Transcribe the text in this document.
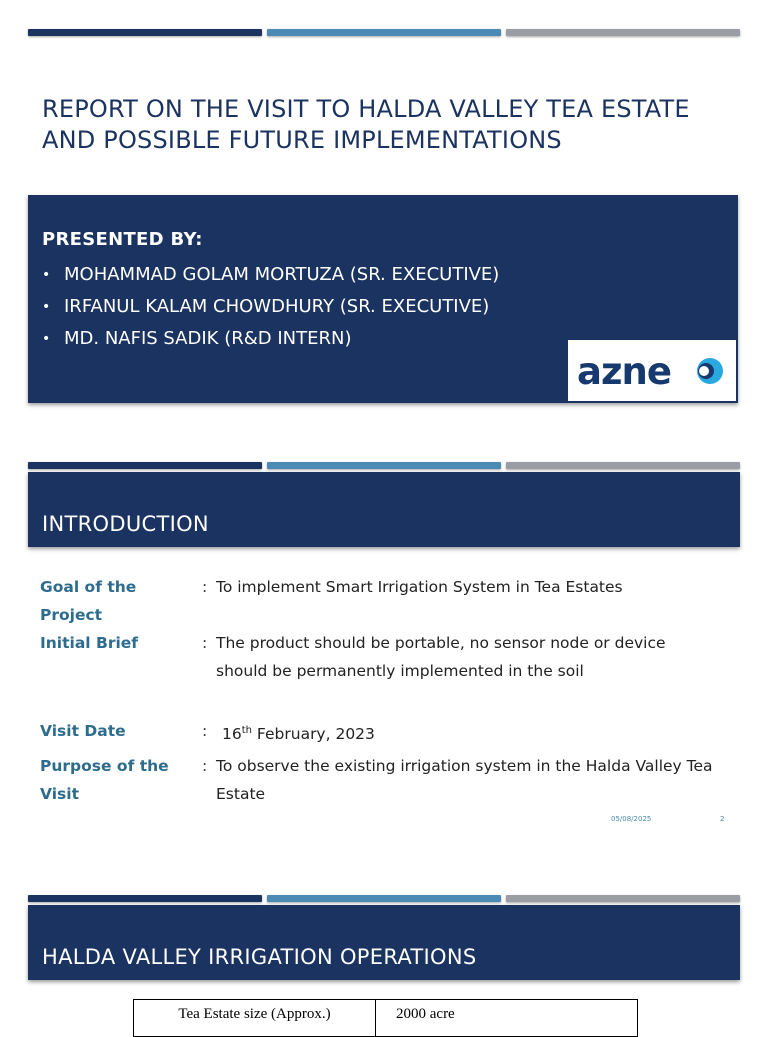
REPORT ON THE VISIT TO HALDA VALLEY TEA ESTATE AND POSSIBLE FUTURE IMPLEMENTATIONS
PRESENTED BY:
• MOHAMMAD GOLAM MORTUZA (SR. EXECUTIVE)
• IRFANUL KALAM CHOWDHURY (SR. EXECUTIVE)
• MD. NAFIS SADIK (R&D INTERN)
azne
INTRODUCTION
Goal of the Project
: To implement Smart Irrigation System in Tea Estates
Initial Brief	: The product should be portable, no sensor node or device should be permanently implemented in the soil
Visit Date	: 16th February, 2023
Purpose of the Visit
: To observe the existing irrigation system in the Halda Valley Tea Estate
05/08/2025	2
HALDA VALLEY IRRIGATION OPERATIONS
Tea Estate size (Approx.)	2000 acre
